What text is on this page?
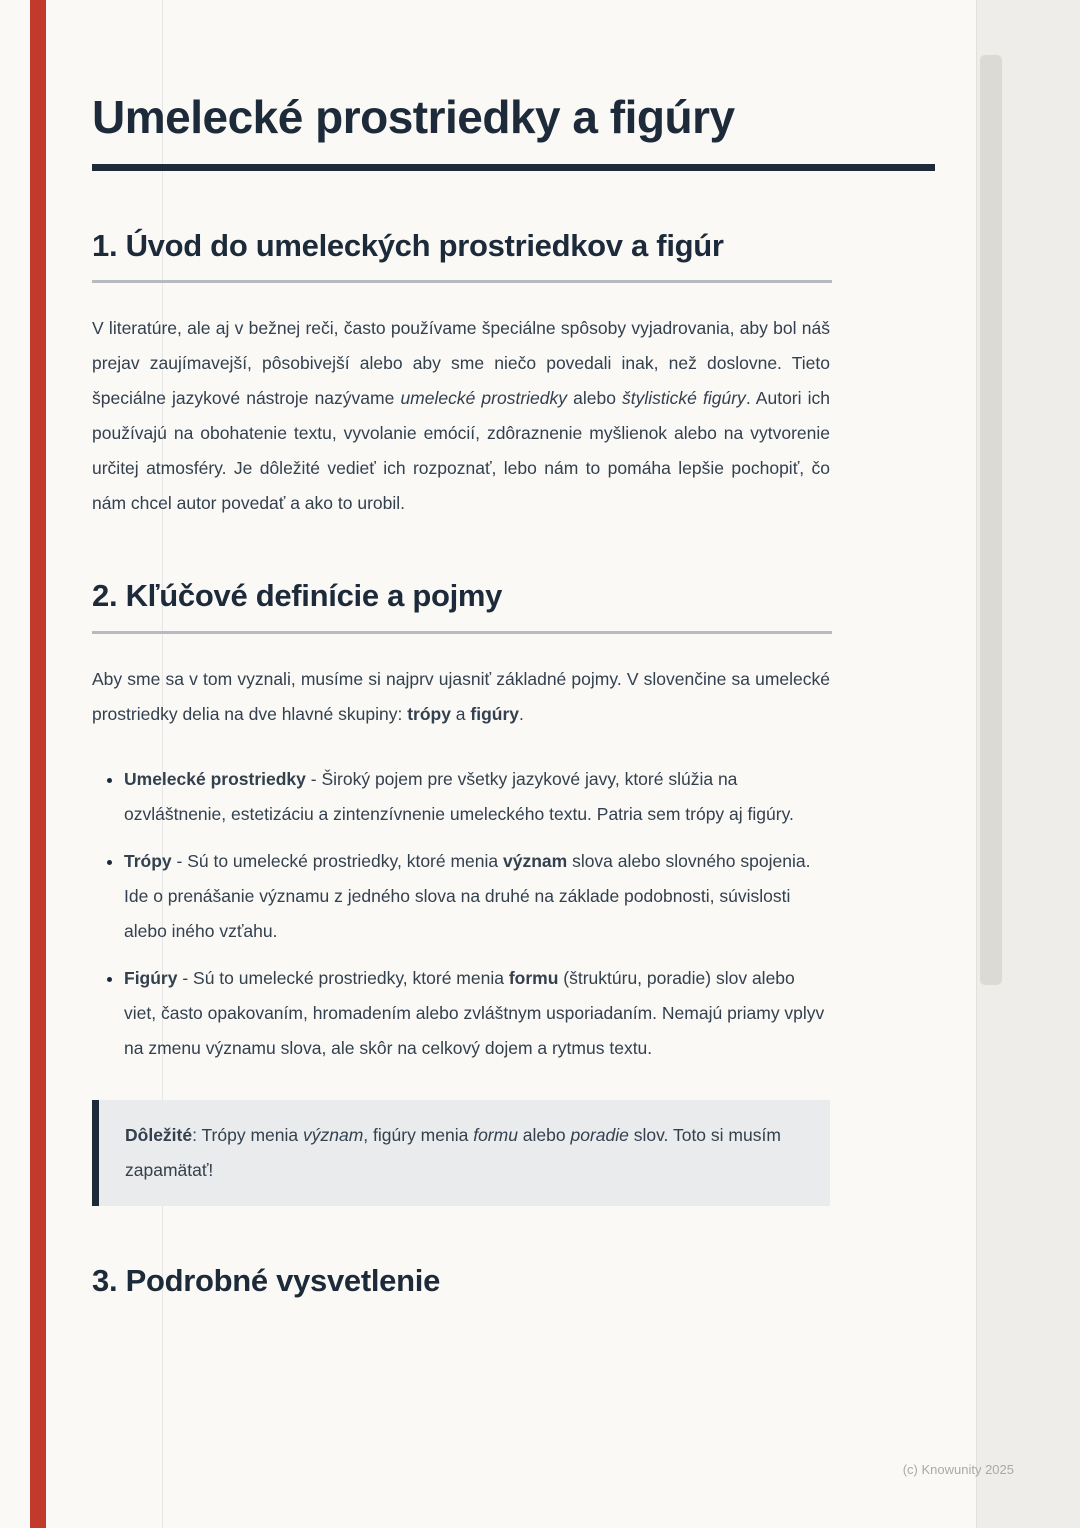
Umelecké prostriedky a figúry
1. Úvod do umeleckých prostriedkov a figúr

V literatúre, ale aj v bežnej reči, často používame špeciálne spôsoby vyjadrovania, aby bol náš prejav zaujímavejší, pôsobivejší alebo aby sme niečo povedali inak, než doslovne. Tieto špeciálne jazykové nástroje nazývame umelecké prostriedky alebo štylistické figúry. Autori ich používajú na obohatenie textu, vyvolanie emócií, zdôraznenie myšlienok alebo na vytvorenie určitej atmosféry. Je dôležité vedieť ich rozpoznať, lebo nám to pomáha lepšie pochopiť, čo nám chcel autor povedať a ako to urobil.

2. Kľúčové definície a pojmy

Aby sme sa v tom vyznali, musíme si najprv ujasniť základné pojmy. V slovenčine sa umelecké prostriedky delia na dve hlavné skupiny: trópy a figúry.

• Umelecké prostriedky - Široký pojem pre všetky jazykové javy, ktoré slúžia na ozvláštnenie, estetizáciu a zintenzívnenie umeleckého textu. Patria sem trópy aj figúry.
• Trópy - Sú to umelecké prostriedky, ktoré menia význam slova alebo slovného spojenia. Ide o prenášanie významu z jedného slova na druhé na základe podobnosti, súvislosti alebo iného vzťahu.
• Figúry - Sú to umelecké prostriedky, ktoré menia formu (štruktúru, poradie) slov alebo viet, často opakovaním, hromadením alebo zvláštnym usporiadaním. Nemajú priamy vplyv na zmenu významu slova, ale skôr na celkový dojem a rytmus textu.
Dôležité: Trópy menia význam, figúry menia formu alebo poradie slov. Toto si musím zapamätať!
3. Podrobné vysvetlenie
(c) Knowunity 2025
